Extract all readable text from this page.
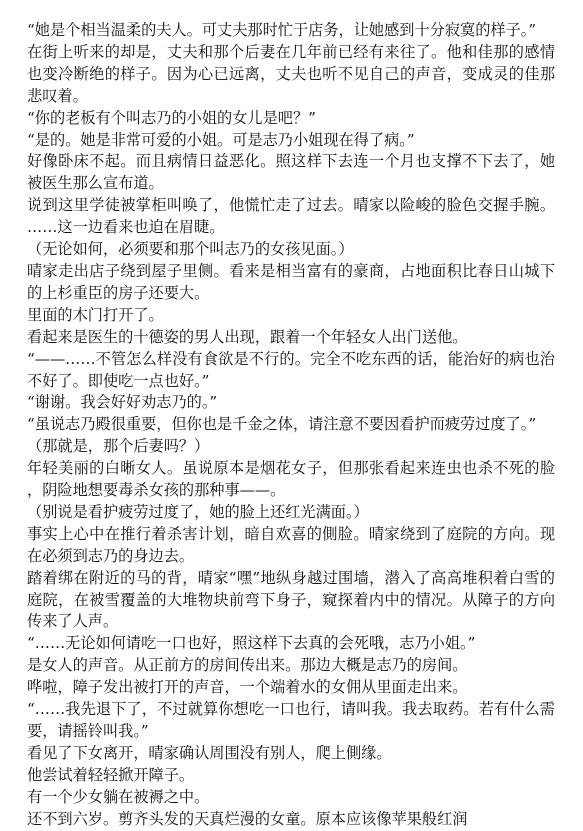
“她是个相当温柔的夫人。可丈夫那时忙于店务，让她感到十分寂寞的样子。”

在街上听来的却是，丈夫和那个后妻在几年前已经有来往了。他和佳那的感情也变冷断绝的样子。因为心已远离，丈夫也听不见自己的声音，变成灵的佳那悲叹着。

“你的老板有个叫志乃的小姐的女儿是吧？”

“是的。她是非常可爱的小姐。可是志乃小姐现在得了病。”

好像卧床不起。而且病情日益恶化。照这样下去连一个月也支撑不下去了，她被医生那么宣布道。

说到这里学徒被掌柜叫唤了，他慌忙走了过去。晴家以险峻的脸色交握手腕。……这一边看来也迫在眉睫。

（无论如何，必须要和那个叫志乃的女孩见面。）

晴家走出店子绕到屋子里侧。看来是相当富有的豪商，占地面积比春日山城下的上杉重臣的房子还要大。

里面的木门打开了。

看起来是医生的十德姿的男人出现，跟着一个年轻女人出门送他。

“——……不管怎么样没有食欲是不行的。完全不吃东西的话，能治好的病也治不好了。即使吃一点也好。”

“谢谢。我会好好劝志乃的。”

“虽说志乃殿很重要，但你也是千金之体，请注意不要因看护而疲劳过度了。”

（那就是，那个后妻吗？）

年轻美丽的白晰女人。虽说原本是烟花女子，但那张看起来连虫也杀不死的脸，阴险地想要毒杀女孩的那种事——。

（别说是看护疲劳过度了，她的脸上还红光满面。）

事实上心中在推行着杀害计划，暗自欢喜的側脸。晴家绕到了庭院的方向。现在必须到志乃的身边去。

踏着绑在附近的马的背，晴家“嘿”地纵身越过围墙，潜入了高高堆积着白雪的庭院，在被雪覆盖的大堆物块前弯下身子，窥探着内中的情况。从障子的方向传来了人声。

“……无论如何请吃一口也好，照这样下去真的会死哦，志乃小姐。”

是女人的声音。从正前方的房间传出来。那边大概是志乃的房间。

哗啦，障子发出被打开的声音，一个端着水的女佣从里面走出来。

“……我先退下了，不过就算你想吃一口也行，请叫我。我去取药。若有什么需要，请摇铃叫我。”

看见了下女离开，晴家确认周围没有别人，爬上側缘。

他尝试着轻轻掀开障子。

有一个少女躺在被褥之中。

还不到六岁。剪齐头发的天真烂漫的女童。原本应该像苹果般红润
